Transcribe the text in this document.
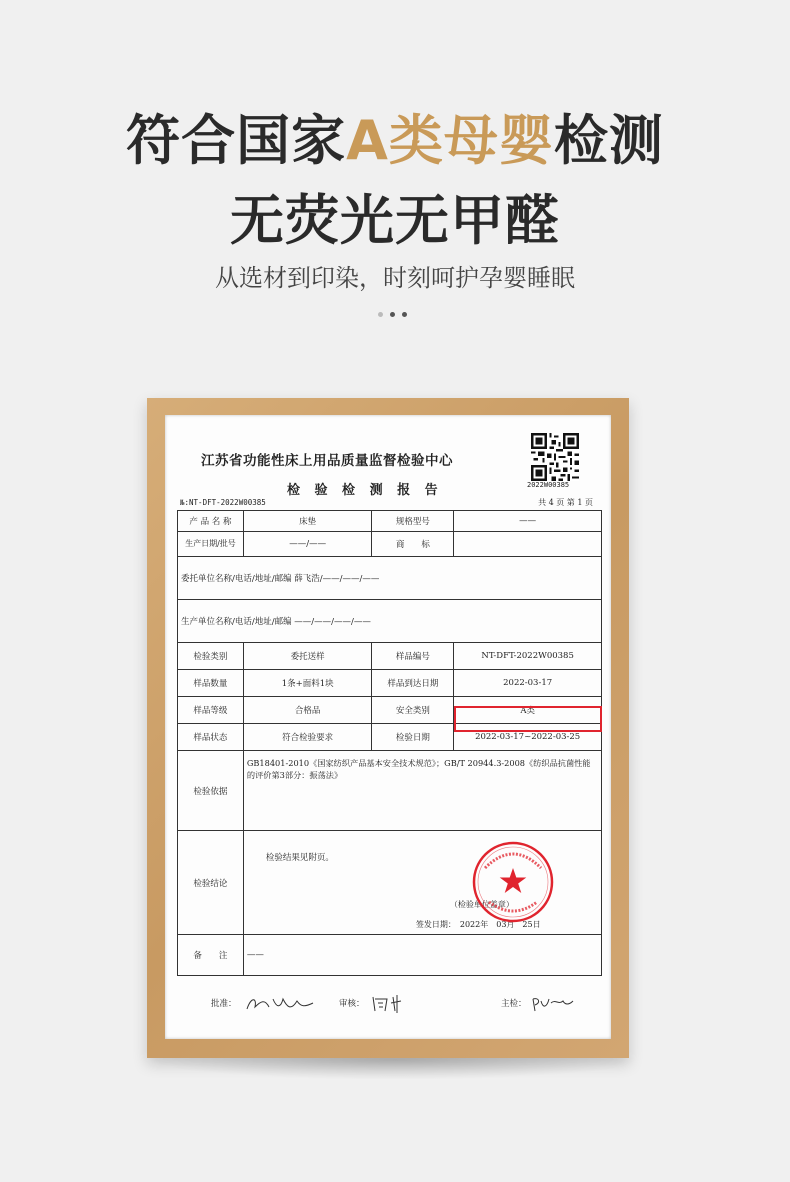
符合国家A类母婴检测
无荧光无甲醛
从选材到印染，时刻呵护孕婴睡眠
江苏省功能性床上用品质量监督检验中心
检 验 检 测 报 告	2022W00385
№:NT-DFT-2022W00385	共 4 页 第 1 页
产 品 名 称	床垫	规格型号	——
生产日期/批号	——/——	商　　标	
委托单位名称/电话/地址/邮编 薛飞浩/——/——/——			
生产单位名称/电话/地址/邮编 ——/——/——/——			
检验类别	委托送样	样品编号	NT-DFT-2022W00385
样品数量	1条+面料1块	样品到达日期	2022-03-17
样品等级	合格品	安全类别	A类
样品状态	符合检验要求	检验日期	2022-03-17~2022-03-25
检验依据	GB18401-2010《国家纺织产品基本安全技术规范》；GB/T 20944.3-2008《纺织品抗菌性能的评价第3部分：振荡法》		
检验结论	检验结果见附页。
（检验单位盖章）
签发日期：　2022年　03月　25日		

备　　注	——		
批准：	审核：	主检：
